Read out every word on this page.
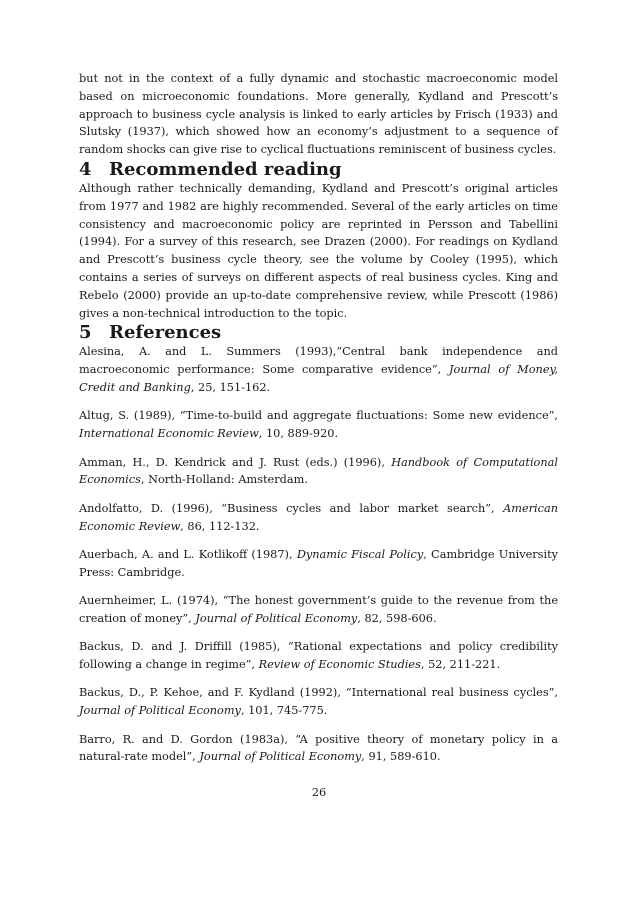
but not in the context of a fully dynamic and stochastic macroeconomic model based on microeconomic foundations. More generally, Kydland and Prescott’s approach to business cycle analysis is linked to early articles by Frisch (1933) and Slutsky (1937), which showed how an economy’s adjustment to a sequence of random shocks can give rise to cyclical fluctuations reminiscent of business cycles.

4 Recommended reading

Although rather technically demanding, Kydland and Prescott’s original articles from 1977 and 1982 are highly recommended. Several of the early articles on time consistency and macroeconomic policy are reprinted in Persson and Tabellini (1994). For a survey of this research, see Drazen (2000). For readings on Kydland and Prescott’s business cycle theory, see the volume by Cooley (1995), which contains a series of surveys on different aspects of real business cycles. King and Rebelo (2000) provide an up-to-date comprehensive review, while Prescott (1986) gives a non-technical introduction to the topic.

5 References

Alesina, A. and L. Summers (1993),“Central bank independence and macroeconomic performance: Some comparative evidence”, Journal of Money, Credit and Banking, 25, 151-162.

Altug, S. (1989), “Time-to-build and aggregate fluctuations: Some new evidence”, International Economic Review, 10, 889-920.

Amman, H., D. Kendrick and J. Rust (eds.) (1996), Handbook of Computational Economics, North-Holland: Amsterdam.

Andolfatto, D. (1996), “Business cycles and labor market search”, American Economic Review, 86, 112-132.

Auerbach, A. and L. Kotlikoff (1987), Dynamic Fiscal Policy, Cambridge University Press: Cambridge.

Auernheimer, L. (1974), “The honest government’s guide to the revenue from the creation of money”, Journal of Political Economy, 82, 598-606.

Backus, D. and J. Driffill (1985), “Rational expectations and policy credibility following a change in regime”, Review of Economic Studies, 52, 211-221.

Backus, D., P. Kehoe, and F. Kydland (1992), “International real business cycles”, Journal of Political Economy, 101, 745-775.

Barro, R. and D. Gordon (1983a), “A positive theory of monetary policy in a natural-rate model”, Journal of Political Economy, 91, 589-610.

26
